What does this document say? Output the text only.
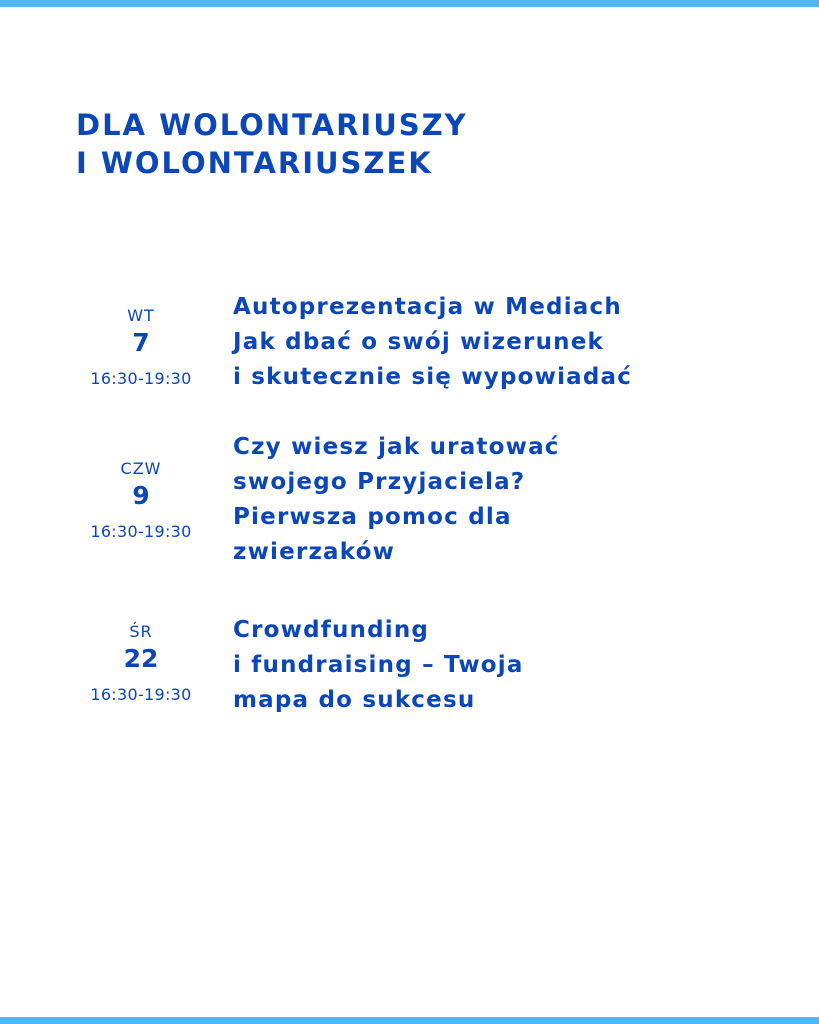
DLA WOLONTARIUSZY
I WOLONTARIUSZEK
WT
7
16:30-19:30
Autoprezentacja w Mediach
Jak dbać o swój wizerunek
i skutecznie się wypowiadać
CZW
9
16:30-19:30
Czy wiesz jak uratować
swojego Przyjaciela?
Pierwsza pomoc dla
zwierzaków
ŚR
22
16:30-19:30
Crowdfunding
i fundraising – Twoja
mapa do sukcesu
